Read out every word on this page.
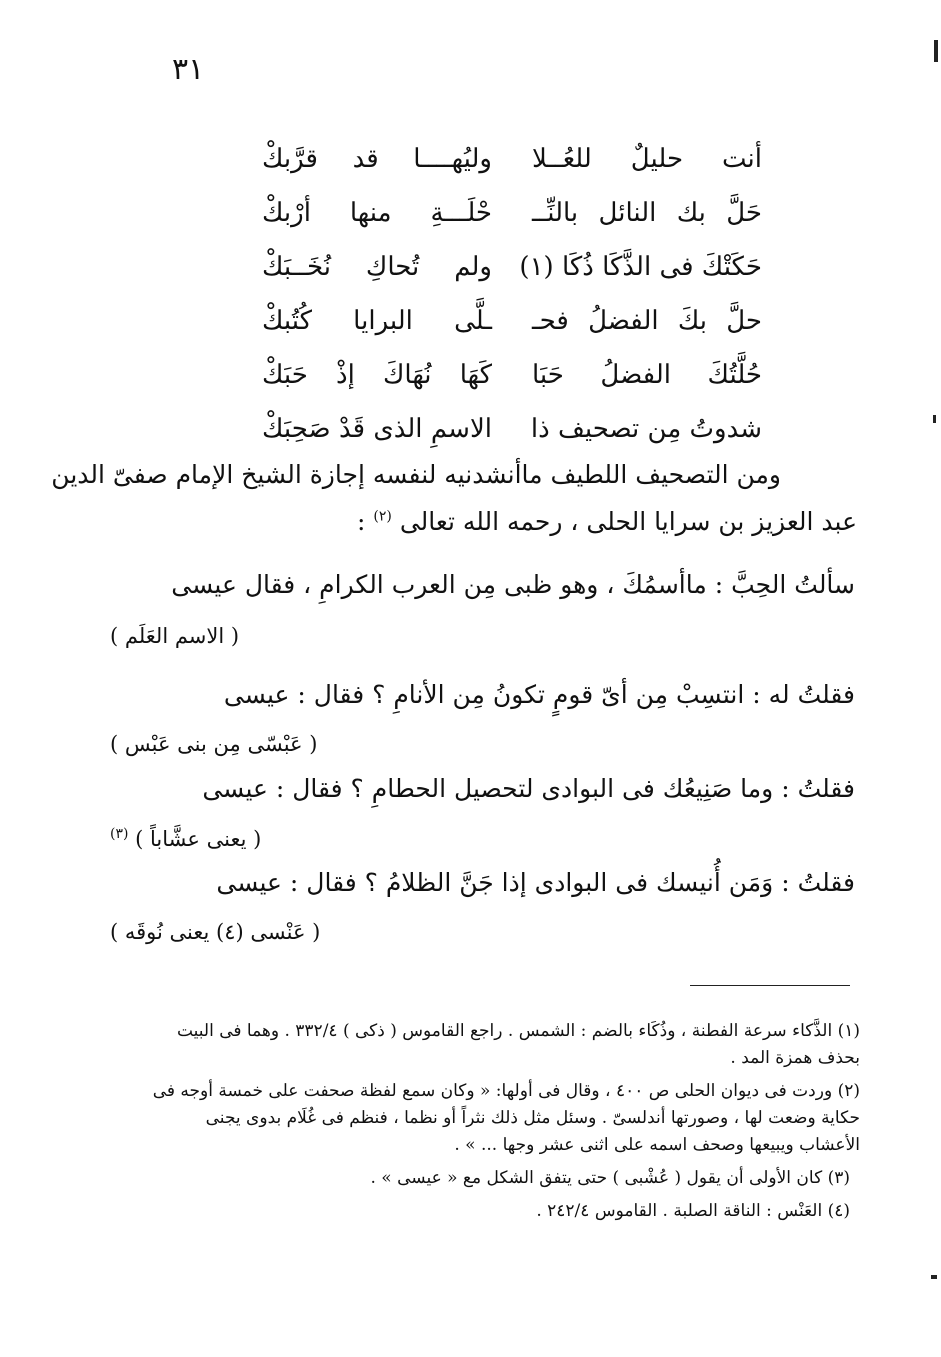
٣١
أنت حليلٌ للعُــلا
وليُهــــا قد قرَّبكْ
حَلَّ بك النائل بالنِّــ
حْلَـــةِ منها أرْبكْ
حَكَتْكَ فى الذَّكَا ذُكَا (١)
ولم تُحاكِ نُخَــبَكْ
حلَّ بكَ الفضلُ فحـ
ـلَّى البرايا كُتُبكْ
حُلَّتُكَ الفضلُ حَبَا
كَهَا نُهَاكَ إذْ حَبَكْ
شدوتُ مِن تصحيف ذا
الاسمِ الذى قَدْ صَحِبَكْ
ومن التصحيف اللطيف ماأنشدنيه لنفسه إجازة الشيخ الإمام صفىّ الدين
عبد العزيز بن سرايا الحلى ، رحمه الله تعالى $^{(٢)}$ :
سألتُ الحِبَّ : ماأسمُكَ ، وهو ظبى مِن العرب الكرامِ ، فقال عيسى
( الاسم العَلَم )
فقلتُ له : انتسِبْ مِن أىّ قومٍ تكونُ مِن الأنامِ ؟ فقال : عيسى
( عَبْسّى مِن بنى عَبْس )
فقلتُ : وما صَنِيعُك فى البوادى لتحصيل الحطامِ ؟ فقال : عيسى
( يعنى عشَّاباً ) $^{(٣)}$
فقلتُ : وَمَن أُنيسك فى البوادى إذا جَنَّ الظلامُ ؟ فقال : عيسى
( عَنْسى (٤) يعنى نُوقَه )

(١) الذَّكاء سرعة الفطنة ، وذُكَاء بالضم : الشمس . راجع القاموس ( ذكى ) ٣٣٢/٤ . وهما فى البيت بحذف همزة المد .

(٢) وردت فى ديوان الحلى ص ٤٠٠ ، وقال فى أولها: « وكان سمع لفظة صحفت على خمسة أوجه فى حكاية وضعت لها ، وصورتها أندلسىّ . وسئل مثل ذلك نثراً أو نظما ، فنظم فى غُلَام بدوى يجنى الأعشاب ويبيعها وصحف اسمه على اثنى عشر وجها ... » .

(٣) كان الأولى أن يقول ( عُشْبى ) حتى يتفق الشكل مع « عيسى » .

(٤) العَنْس : الناقة الصلبة . القاموس ٢٤٢/٤ .
